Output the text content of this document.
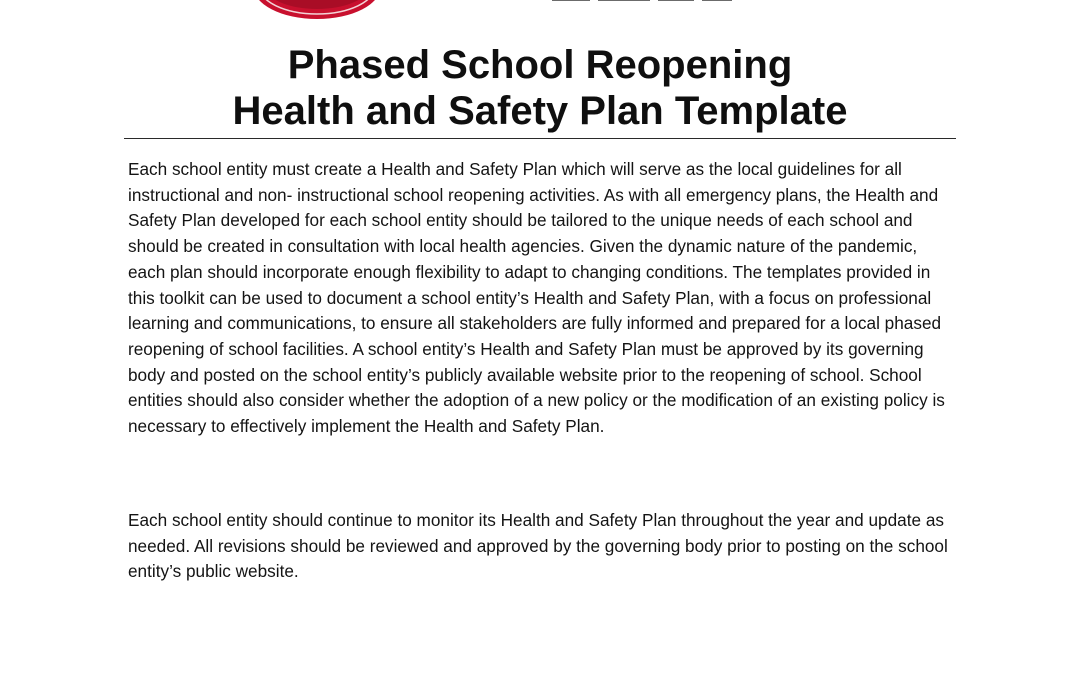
Phased School Reopening
Health and Safety Plan Template

Each school entity must create a Health and Safety Plan which will serve as the local guidelines for all instructional and non- instructional school reopening activities. As with all emergency plans, the Health and Safety Plan developed for each school entity should be tailored to the unique needs of each school and should be created in consultation with local health agencies. Given the dynamic nature of the pandemic, each plan should incorporate enough flexibility to adapt to changing conditions. The templates provided in this toolkit can be used to document a school entity’s Health and Safety Plan, with a focus on professional learning and communications, to ensure all stakeholders are fully informed and prepared for a local phased reopening of school facilities. A school entity’s Health and Safety Plan must be approved by its governing body and posted on the school entity’s publicly available website prior to the reopening of school. School entities should also consider whether the adoption of a new policy or the modification of an existing policy is necessary to effectively implement the Health and Safety Plan.

Each school entity should continue to monitor its Health and Safety Plan throughout the year and update as needed. All revisions should be reviewed and approved by the governing body prior to posting on the school entity’s public website.
